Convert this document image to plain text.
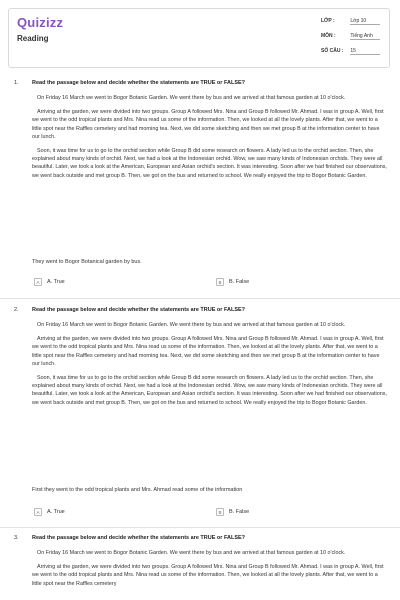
Quizizz
Reading
LỚP :	Lớp 10
MÔN :	Tiếng Anh
SỐ CÂU : 15
1. Read the passage below and decide whether the statements are TRUE or FALSE?

On Friday 16 March we went to Bogor Botanic Garden. We went there by bus and we arrived at that famous garden at 10 o'clock.

Arriving at the garden, we were divided into two groups. Group A followed Mrs. Nina and Group B followed Mr. Ahmad. I was in group A. Well, first we went to the odd tropical plants and Mrs. Nina read us some of the information. Then, we looked at all the lovely plants. After that, we went to a little spot near the Raffles cemetery and had morning tea. Next, we did some sketching and then we met group B at the information center to have our lunch.

Soon, it was time for us to go to the orchid section while Group B did some research on flowers. A lady led us to the orchid section. Then, she explained about many kinds of orchid. Next, we had a look at the Indonesian orchid. Wow, we saw many kinds of Indonesian orchids. They were all beautiful. Later, we took a look at the American, European and Asian orchid's section. It was interesting. Soon after we had finished our observations, we went back outside and met group B. Then, we got on the bus and returned to school. We really enjoyed the trip to Bogor Botanic Garden.

They went to Bogor Botanical garden by bus.
A	A. True	B	B. False
2. Read the passage below and decide whether the statements are TRUE or FALSE?

On Friday 16 March we went to Bogor Botanic Garden. We went there by bus and we arrived at that famous garden at 10 o'clock.

Arriving at the garden, we were divided into two groups. Group A followed Mrs. Nina and Group B followed Mr. Ahmad. I was in group A. Well, first we went to the odd tropical plants and Mrs. Nina read us some of the information. Then, we looked at all the lovely plants. After that, we went to a little spot near the Raffles cemetery and had morning tea. Next, we did some sketching and then we met group B at the information center to have our lunch.

Soon, it was time for us to go to the orchid section while Group B did some research on flowers. A lady led us to the orchid section. Then, she explained about many kinds of orchid. Next, we had a look at the Indonesian orchid. Wow, we saw many kinds of Indonesian orchids. They were all beautiful. Later, we took a look at the American, European and Asian orchid's section. It was interesting. Soon after we had finished our observations, we went back outside and met group B. Then, we got on the bus and returned to school. We really enjoyed the trip to Bogor Botanic Garden.

First they went to the odd tropical plants and Mrs. Ahmad read some of the information
A	A. True	B	B. False
3. Read the passage below and decide whether the statements are TRUE or FALSE?

On Friday 16 March we went to Bogor Botanic Garden. We went there by bus and we arrived at that famous garden at 10 o'clock.

Arriving at the garden, we were divided into two groups. Group A followed Mrs. Nina and Group B followed Mr. Ahmad. I was in group A. Well, first we went to the odd tropical plants and Mrs. Nina read us some of the information. Then, we looked at all the lovely plants. After that, we went to a little spot near the Raffles cemetery
